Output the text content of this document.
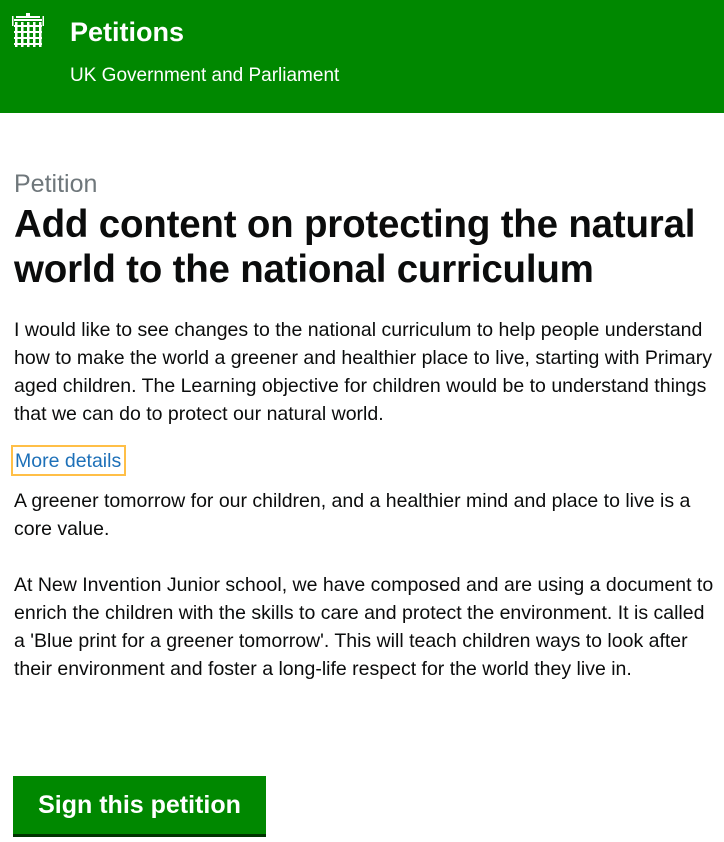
Petitions
UK Government and Parliament
Petition
Add content on protecting the natural world to the national curriculum

I would like to see changes to the national curriculum to help people understand how to make the world a greener and healthier place to live, starting with Primary aged children. The Learning objective for children would be to understand things that we can do to protect our natural world.

More details

A greener tomorrow for our children, and a healthier mind and place to live is a core value.

At New Invention Junior school, we have composed and are using a document to enrich the children with the skills to care and protect the environment. It is called a 'Blue print for a greener tomorrow'. This will teach children ways to look after their environment and foster a long-life respect for the world they live in.

Sign this petition
